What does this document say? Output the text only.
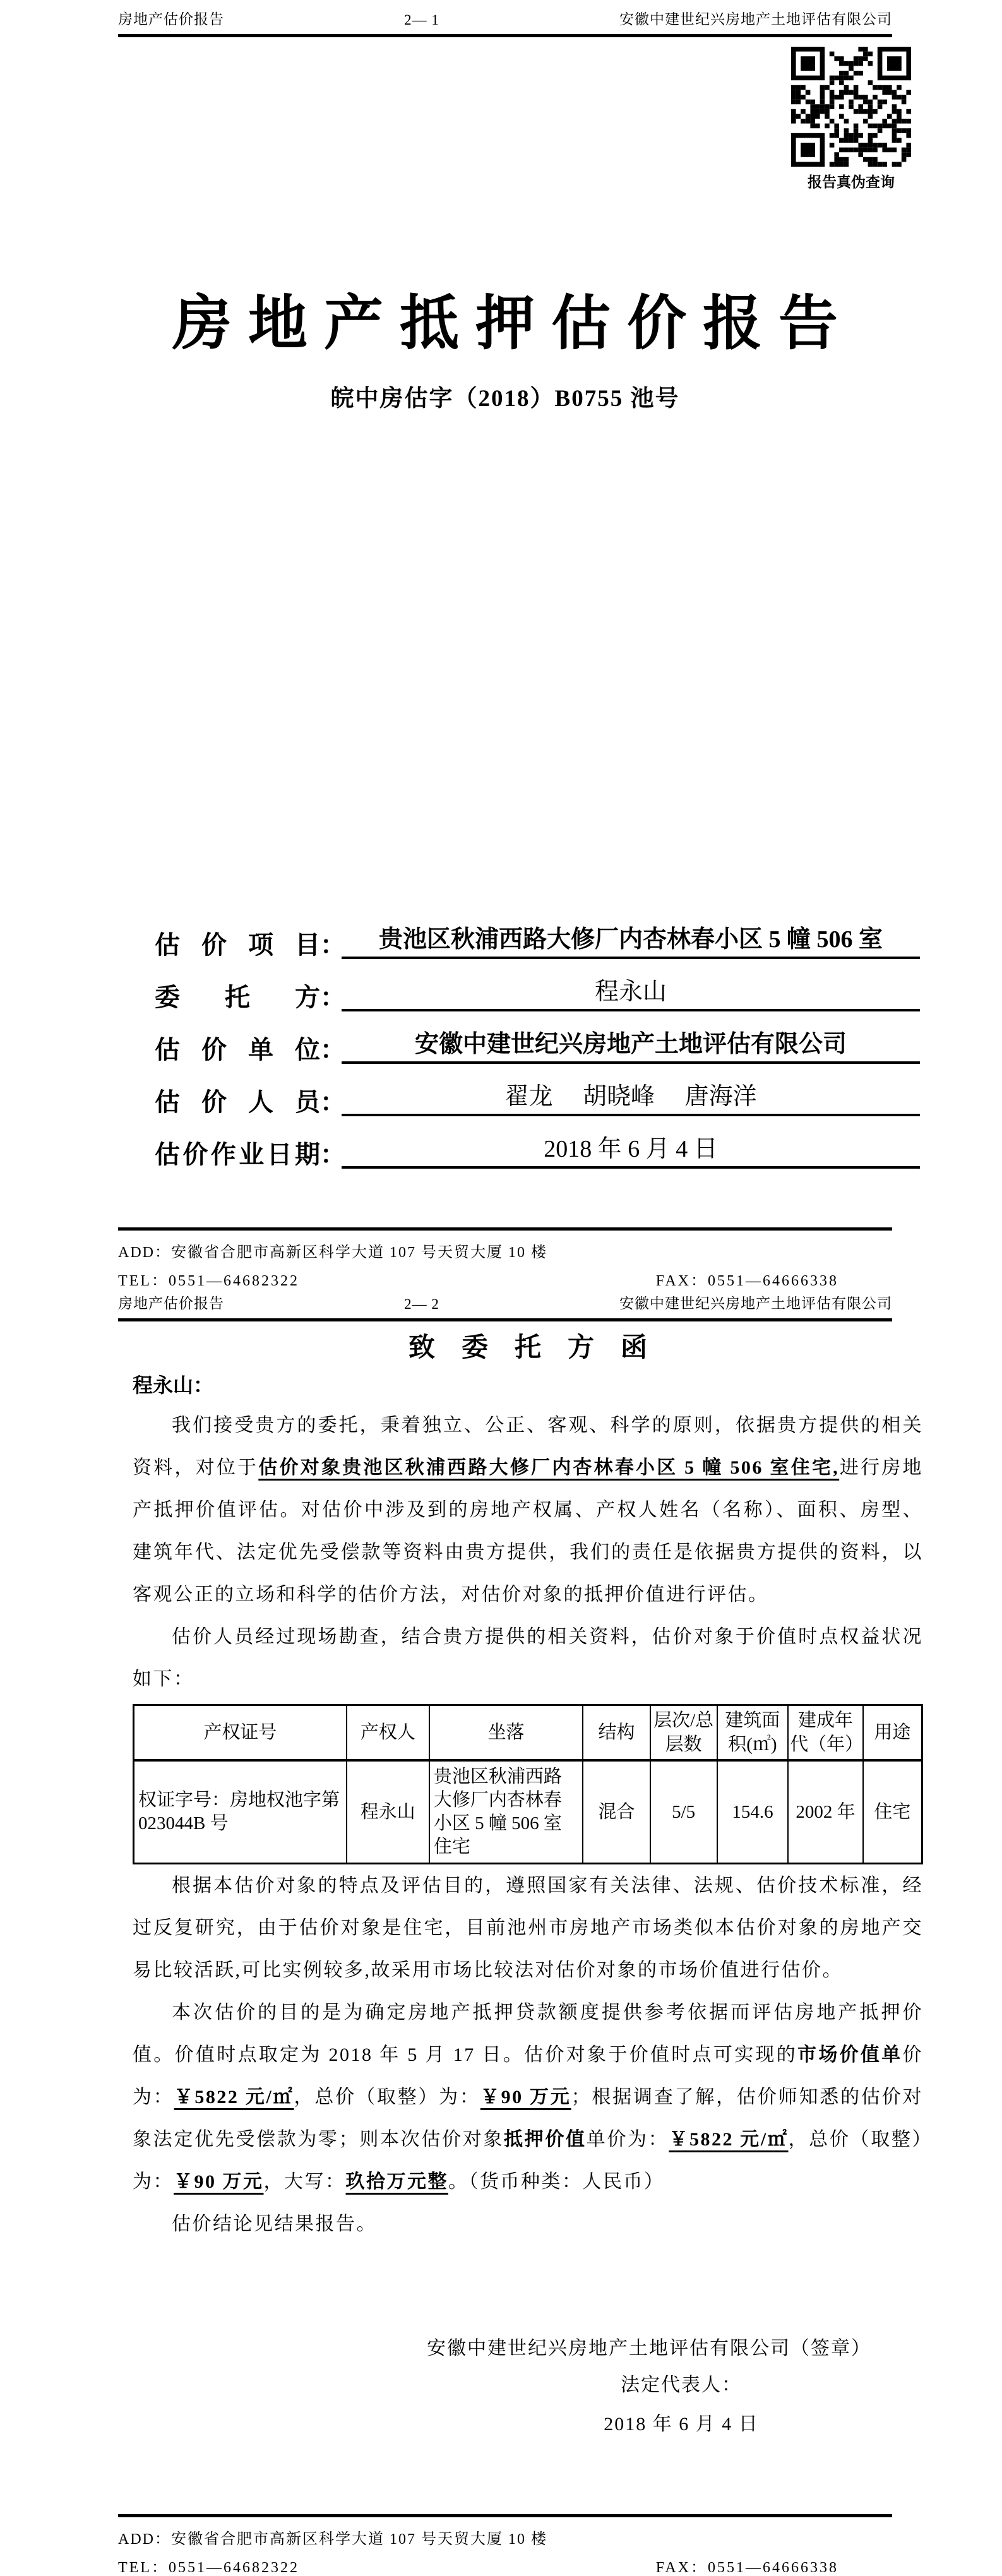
房地产估价报告	2— 1	安徽中建世纪兴房地产土地评估有限公司
报告真伪查询
房地产抵押估价报告
皖中房估字（2018）B0755 池号
估价项目 ：	贵池区秋浦西路大修厂内杏林春小区 5 幢 506 室
委托方 ：	程永山
估价单位 ：	安徽中建世纪兴房地产土地评估有限公司
估价人员 ：	翟龙　 胡晓峰　 唐海洋
估价作业日期 ：	2018 年 6 月 4 日
ADD：安徽省合肥市高新区科学大道 107 号天贸大厦 10 楼
TEL：0551—64682322	FAX：0551—64666338
房地产估价报告	2— 2	安徽中建世纪兴房地产土地评估有限公司
致委托方函
程永山：

我们接受贵方的委托，秉着独立、公正、客观、科学的原则，依据贵方提供的相关资料，对位于估价对象贵池区秋浦西路大修厂内杏林春小区 5 幢 506 室住宅,进行房地产抵押价值评估。对估价中涉及到的房地产权属、产权人姓名（名称）、面积、房型、建筑年代、法定优先受偿款等资料由贵方提供，我们的责任是依据贵方提供的资料，以客观公正的立场和科学的估价方法，对估价对象的抵押价值进行评估。

估价人员经过现场勘查，结合贵方提供的相关资料，估价对象于价值时点权益状况如下：

产权证号	产权人	坐落	结构	层次/总层数	建筑面积(㎡)	建成年代（年）	用途
权证字号：房地权池字第 023044B 号	程永山	贵池区秋浦西路大修厂内杏林春小区 5 幢 506 室住宅	混合	5/5	154.6	2002 年	住宅

根据本估价对象的特点及评估目的，遵照国家有关法律、法规、估价技术标准，经过反复研究，由于估价对象是住宅，目前池州市房地产市场类似本估价对象的房地产交易比较活跃,可比实例较多,故采用市场比较法对估价对象的市场价值进行估价。

本次估价的目的是为确定房地产抵押贷款额度提供参考依据而评估房地产抵押价值。价值时点取定为 2018 年 5 月 17 日。估价对象于价值时点可实现的市场价值单价为：￥5822 元/㎡，总价（取整）为：￥90 万元；根据调查了解，估价师知悉的估价对象法定优先受偿款为零；则本次估价对象抵押价值单价为：￥5822 元/㎡，总价（取整）为：￥90 万元，大写：玖拾万元整。（货币种类：人民币）

估价结论见结果报告。

安徽中建世纪兴房地产土地评估有限公司（签章）
法定代表人：
2018 年 6 月 4 日
ADD：安徽省合肥市高新区科学大道 107 号天贸大厦 10 楼
TEL：0551—64682322	FAX：0551—64666338
